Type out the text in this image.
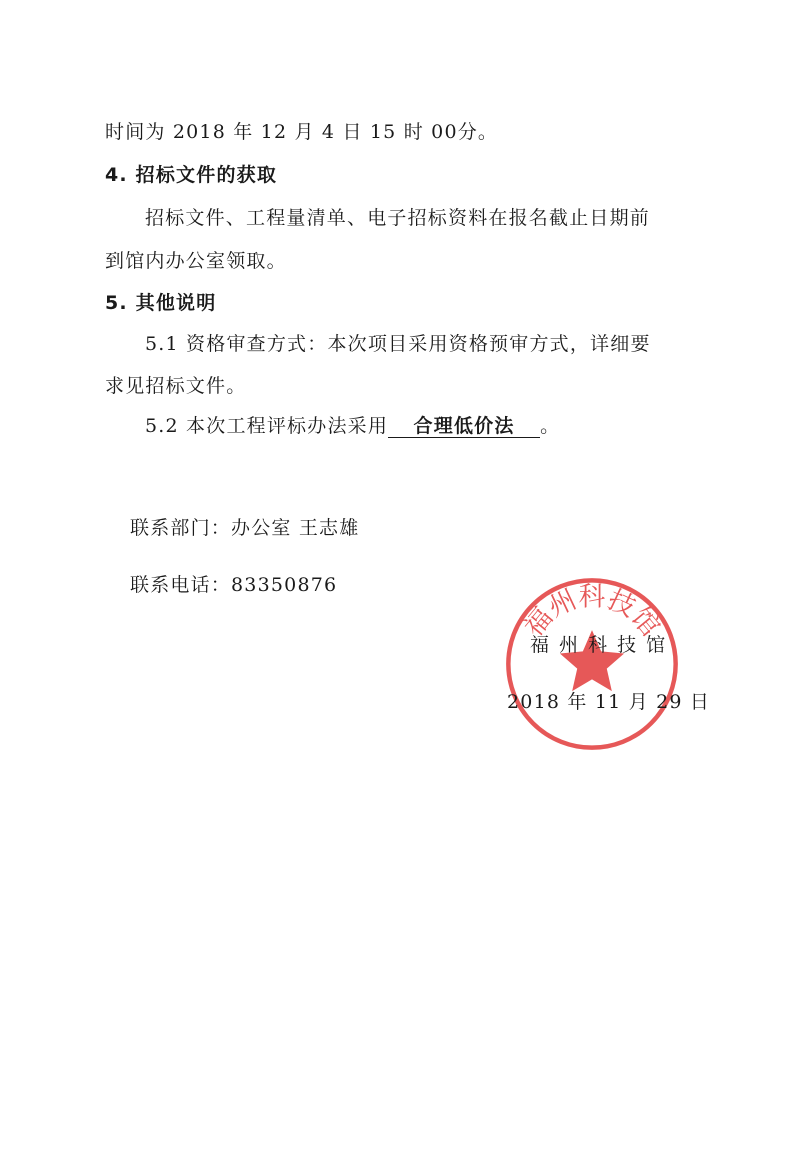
时间为 2018 年 12 月 4 日 15 时 00分。
4. 招标文件的获取
招标文件、工程量清单、电子招标资料在报名截止日期前
到馆内办公室领取。
5. 其他说明
5.1 资格审查方式：本次项目采用资格预审方式，详细要
求见招标文件。
5.2 本次工程评标办法采用 合理低价法 。
联系部门：办公室 王志雄
联系电话：83350876
福州科技馆
福 州 科 技 馆
2018 年 11 月 29 日
